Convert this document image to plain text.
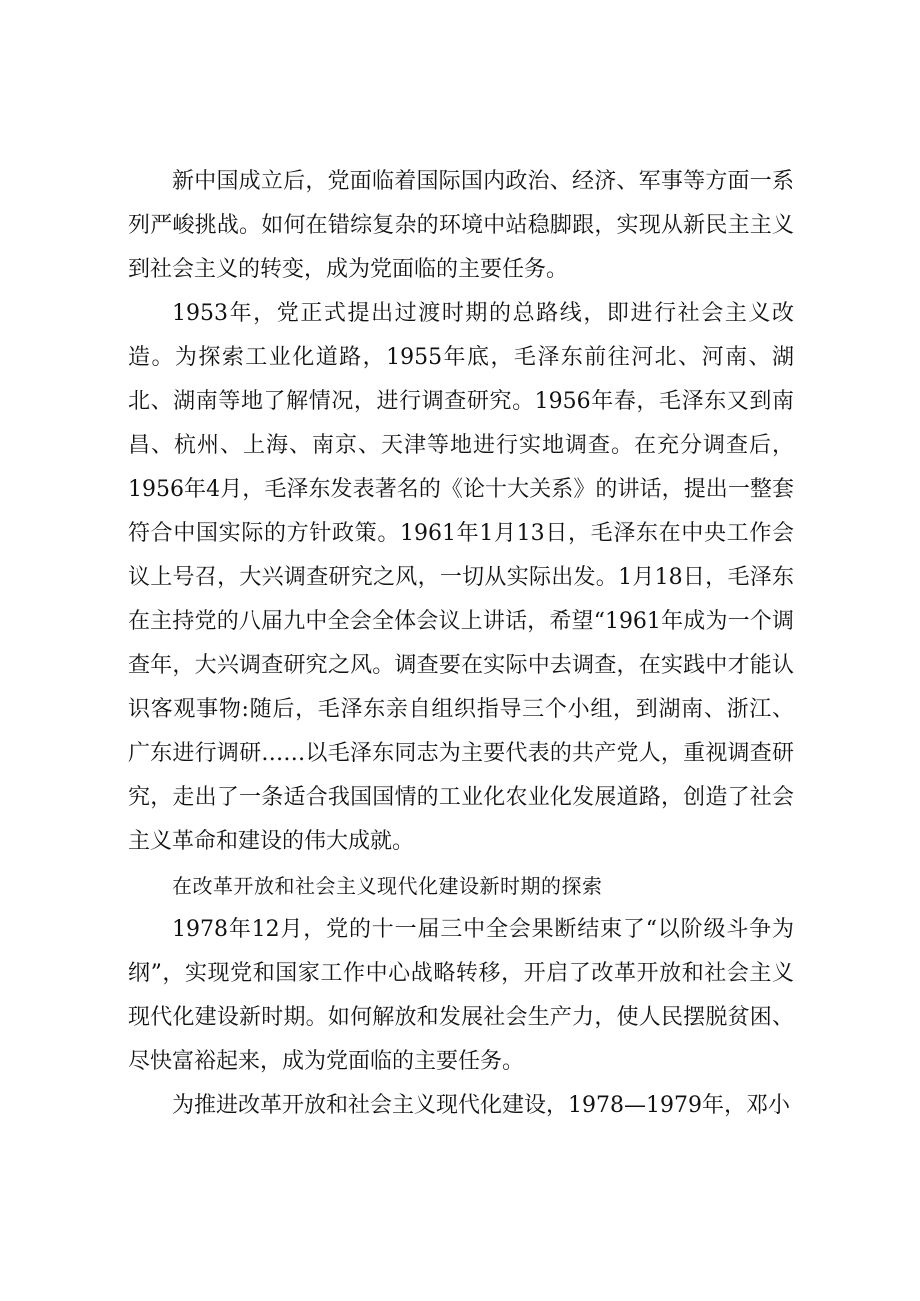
新中国成立后，党面临着国际国内政治、经济、军事等方面一系列严峻挑战。如何在错综复杂的环境中站稳脚跟，实现从新民主主义到社会主义的转变，成为党面临的主要任务。

1953年，党正式提出过渡时期的总路线，即进行社会主义改造。为探索工业化道路，1955年底，毛泽东前往河北、河南、湖北、湖南等地了解情况，进行调查研究。1956年春，毛泽东又到南昌、杭州、上海、南京、天津等地进行实地调查。在充分调查后，1956年4月，毛泽东发表著名的《论十大关系》的讲话，提出一整套符合中国实际的方针政策。1961年1月13日，毛泽东在中央工作会议上号召，大兴调查研究之风，一切从实际出发。1月18日，毛泽东在主持党的八届九中全会全体会议上讲话，希望“1961年成为一个调查年，大兴调查研究之风。调查要在实际中去调查，在实践中才能认识客观事物:随后，毛泽东亲自组织指导三个小组，到湖南、浙江、广东进行调研……以毛泽东同志为主要代表的共产党人，重视调查研究，走出了一条适合我国国情的工业化农业化发展道路，创造了社会主义革命和建设的伟大成就。

在改革开放和社会主义现代化建设新时期的探索

1978年12月，党的十一届三中全会果断结束了“以阶级斗争为纲”，实现党和国家工作中心战略转移，开启了改革开放和社会主义现代化建设新时期。如何解放和发展社会生产力，使人民摆脱贫困、尽快富裕起来，成为党面临的主要任务。

为推进改革开放和社会主义现代化建设，1978—1979年，邓小
